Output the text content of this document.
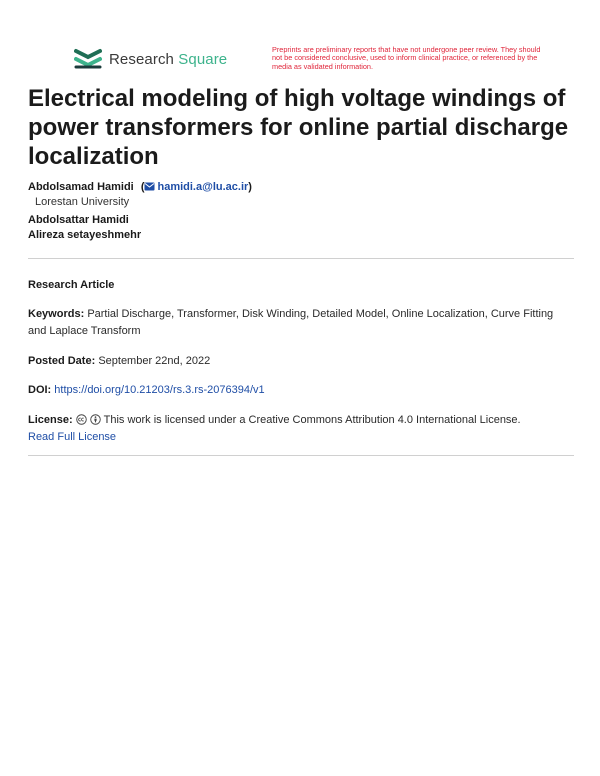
Research Square
Preprints are preliminary reports that have not undergone peer review. They should not be considered conclusive, used to inform clinical practice, or referenced by the media as validated information.
Electrical modeling of high voltage windings of power transformers for online partial discharge localization
Abdolsamad Hamidi ( hamidi.a@lu.ac.ir)
Lorestan University
Abdolsattar Hamidi
Alireza setayeshmehr
Research Article
Keywords: Partial Discharge, Transformer, Disk Winding, Detailed Model, Online Localization, Curve Fitting and Laplace Transform
Posted Date: September 22nd, 2022
DOI: https://doi.org/10.21203/rs.3.rs-2076394/v1
License:	This work is licensed under a Creative Commons Attribution 4.0 International License.
Read Full License
